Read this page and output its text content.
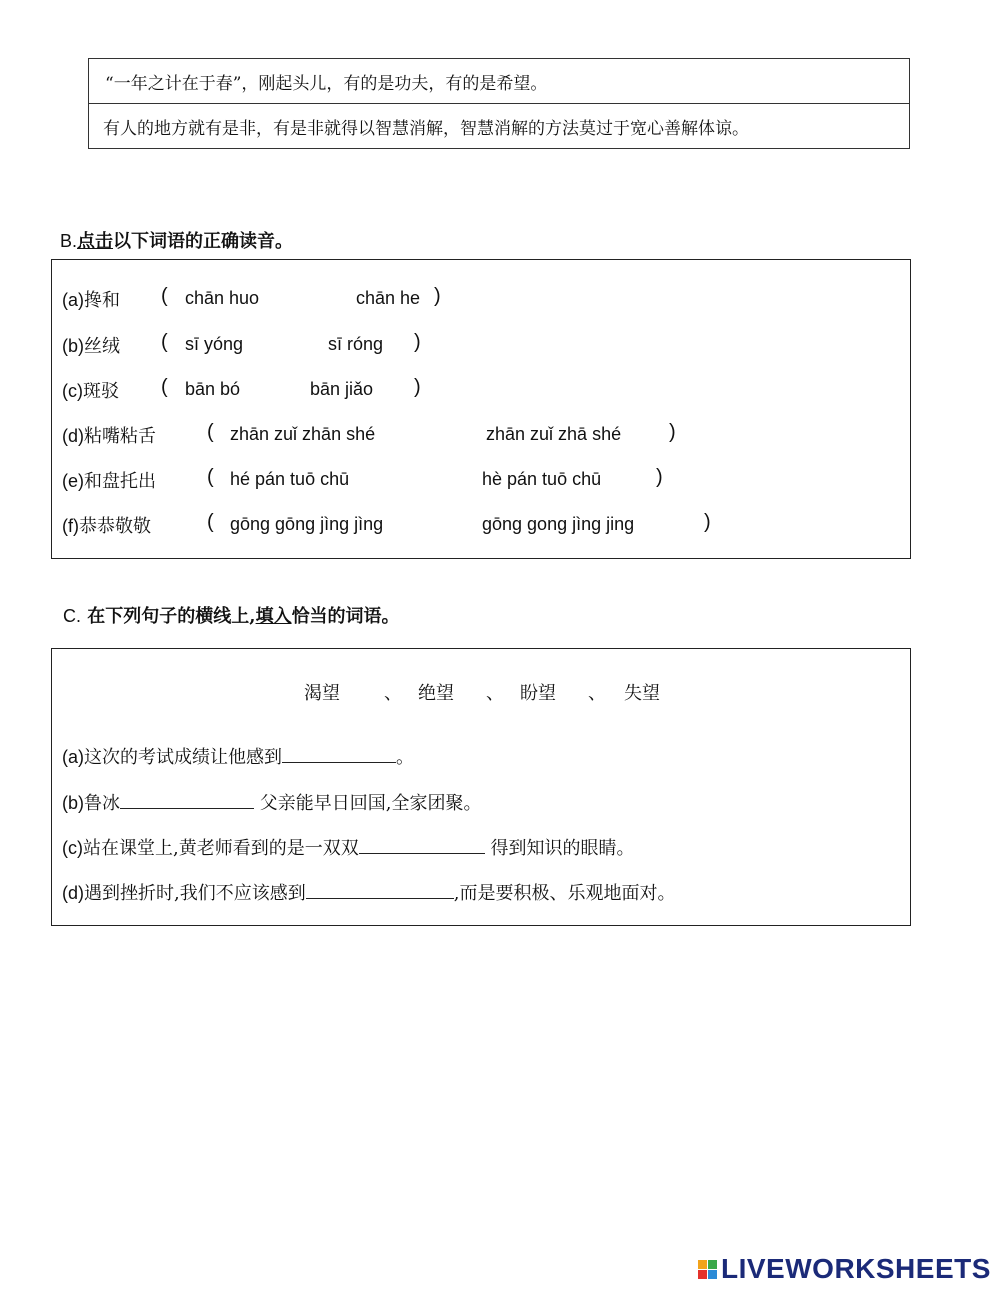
“一年之计在于春”，刚起头儿，有的是功夫，有的是希望。
有人的地方就有是非，有是非就得以智慧消解，智慧消解的方法莫过于宽心善解体谅。
B.点击以下词语的正确读音。
(a)搀和 ( chān huo	chān he )
(b)丝绒 ( sī yóng	sī róng )
(c)斑驳 ( bān bó	bān jiǎo )
(d)粘嘴粘舌	( zhān zuǐ zhān shé	zhān zuǐ zhā shé )
(e)和盘托出	( hé pán tuō chū	hè pán tuō chū	)
(f)恭恭敬敬	( gōng gōng jìng jìng	gōng gong jìng jing	)
C. 在下列句子的横线上,填入恰当的词语。
渴望 、 绝望 、 盼望 、 失望
(a)这次的考试成绩让他感到	。
(b)鲁冰	父亲能早日回国,全家团聚。
(c)站在课堂上,黄老师看到的是一双双	得到知识的眼睛。
(d)遇到挫折时,我们不应该感到	,而是要积极、乐观地面对。
LIVEWORKSHEETS
